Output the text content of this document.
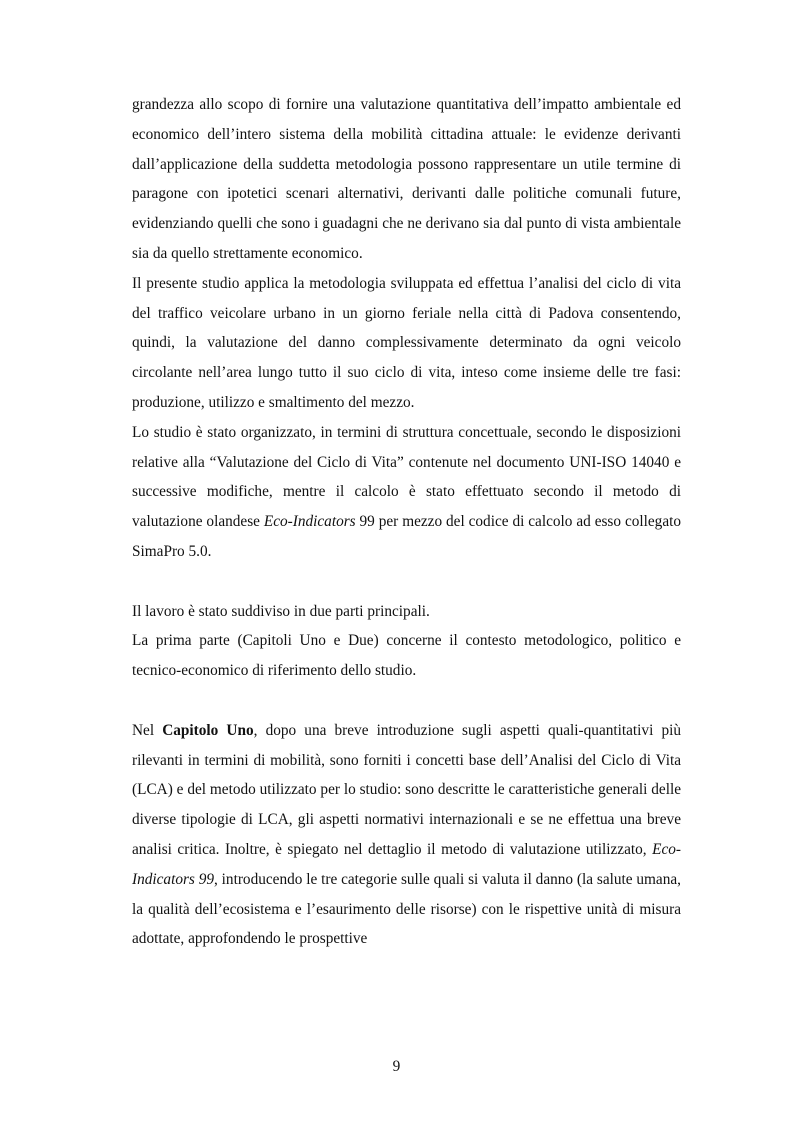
grandezza allo scopo di fornire una valutazione quantitativa dell’impatto ambientale ed economico dell’intero sistema della mobilità cittadina attuale: le evidenze derivanti dall’applicazione della suddetta metodologia possono rappresentare un utile termine di paragone con ipotetici scenari alternativi, derivanti dalle politiche comunali future, evidenziando quelli che sono i guadagni che ne derivano sia dal punto di vista ambientale sia da quello strettamente economico.

Il presente studio applica la metodologia sviluppata ed effettua l’analisi del ciclo di vita del traffico veicolare urbano in un giorno feriale nella città di Padova consentendo, quindi, la valutazione del danno complessivamente determinato da ogni veicolo circolante nell’area lungo tutto il suo ciclo di vita, inteso come insieme delle tre fasi: produzione, utilizzo e smaltimento del mezzo.

Lo studio è stato organizzato, in termini di struttura concettuale, secondo le disposizioni relative alla “Valutazione del Ciclo di Vita” contenute nel documento UNI-ISO 14040 e successive modifiche, mentre il calcolo è stato effettuato secondo il metodo di valutazione olandese Eco-Indicators 99 per mezzo del codice di calcolo ad esso collegato SimaPro 5.0.

Il lavoro è stato suddiviso in due parti principali.

La prima parte (Capitoli Uno e Due) concerne il contesto metodologico, politico e tecnico-economico di riferimento dello studio.

Nel Capitolo Uno, dopo una breve introduzione sugli aspetti quali-quantitativi più rilevanti in termini di mobilità, sono forniti i concetti base dell’Analisi del Ciclo di Vita (LCA) e del metodo utilizzato per lo studio: sono descritte le caratteristiche generali delle diverse tipologie di LCA, gli aspetti normativi internazionali e se ne effettua una breve analisi critica. Inoltre, è spiegato nel dettaglio il metodo di valutazione utilizzato, Eco-Indicators 99, introducendo le tre categorie sulle quali si valuta il danno (la salute umana, la qualità dell’ecosistema e l’esaurimento delle risorse) con le rispettive unità di misura adottate, approfondendo le prospettive

9
